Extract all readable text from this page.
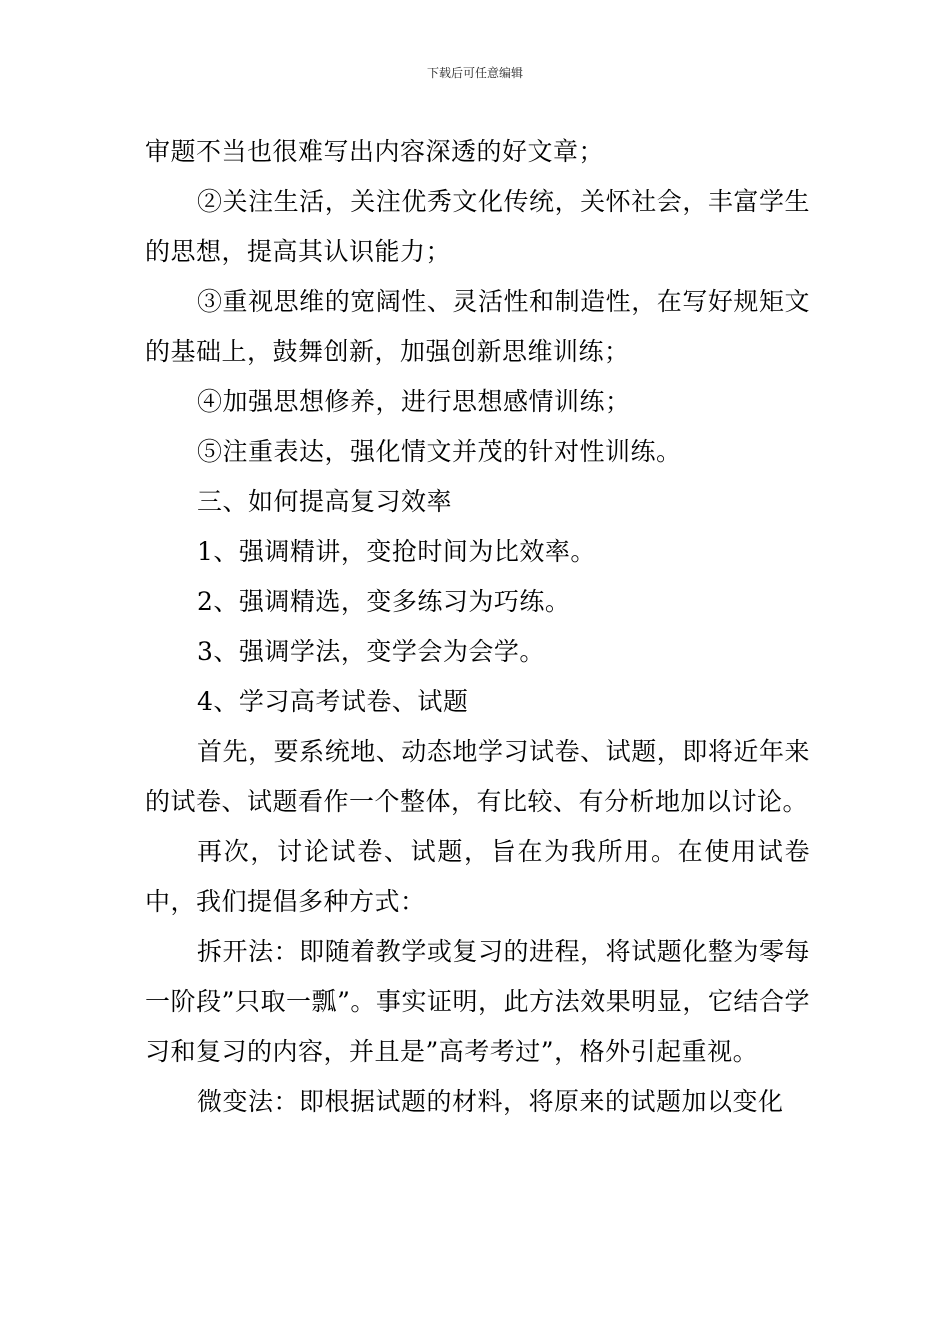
下载后可任意编辑

审题不当也很难写出内容深透的好文章；

②关注生活，关注优秀文化传统，关怀社会，丰富学生的思想，提高其认识能力；

③重视思维的宽阔性、灵活性和制造性，在写好规矩文的基础上，鼓舞创新，加强创新思维训练；

④加强思想修养，进行思想感情训练；

⑤注重表达，强化情文并茂的针对性训练。

三、如何提高复习效率

1、强调精讲，变抢时间为比效率。

2、强调精选，变多练习为巧练。

3、强调学法，变学会为会学。

4、学习高考试卷、试题

首先，要系统地、动态地学习试卷、试题，即将近年来的试卷、试题看作一个整体，有比较、有分析地加以讨论。

再次，讨论试卷、试题，旨在为我所用。在使用试卷中，我们提倡多种方式：

拆开法：即随着教学或复习的进程，将试题化整为零每一阶段”只取一瓢”。事实证明，此方法效果明显，它结合学习和复习的内容，并且是”高考考过”，格外引起重视。

微变法：即根据试题的材料，将原来的试题加以变化
